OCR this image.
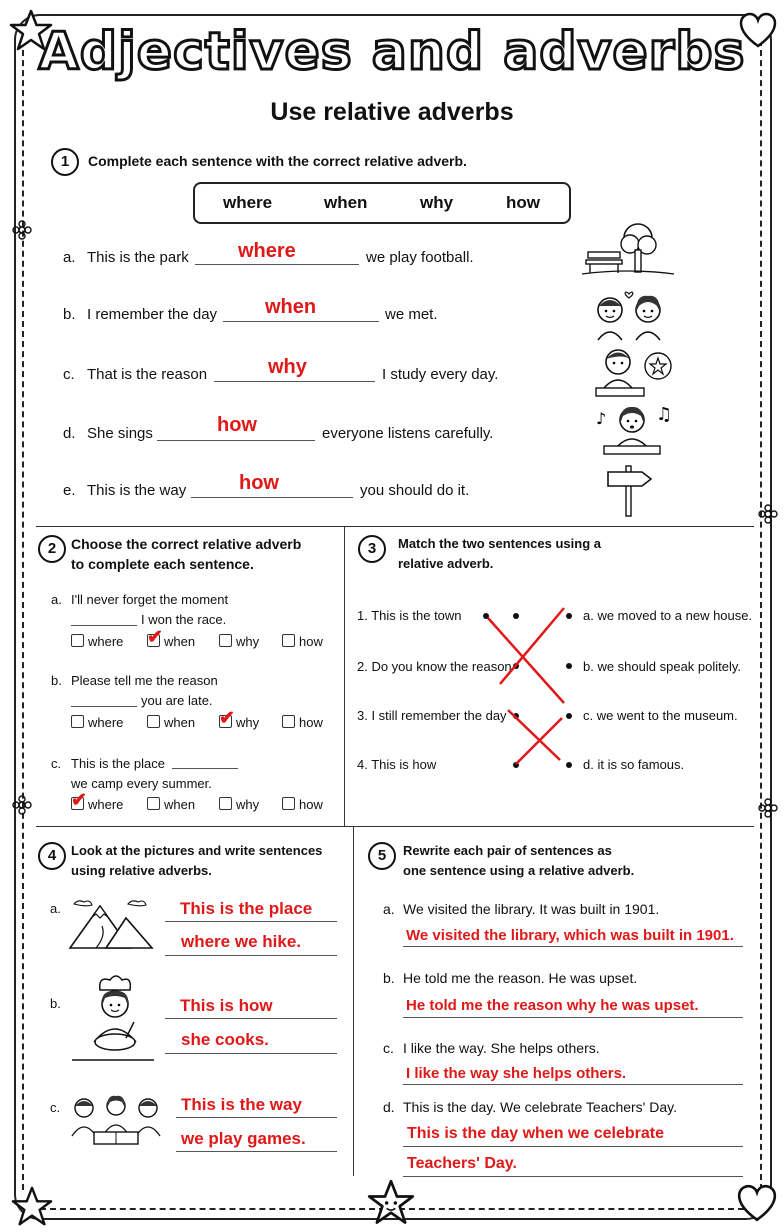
Adjectives and adverbs
Use relative adverbs
1	Complete each sentence with the correct relative adverb.
where	when	why	how
a. This is the park where	we play football.
b. I remember the day when	we met.
c. That is the reason	why	I study every day.
d. She sings	how	everyone listens carefully.
e. This is the way	how	you should do it.
♪	♫
2	Choose the correct relative adverb
to complete each sentence.
a. I'll never forget the moment
I won the race.
where ✔ when	why	how
b. Please tell me the reason
you are late.
where	when ✔ why	how
c. This is the place
we camp every summer.
✔ where	when	why	how
3	Match the two sentences using a
relative adverb.
1. This is the town
2. Do you know the reason
3. I still remember the day
4. This is how
a. we moved to a new house.
b. we should speak politely.
c. we went to the museum.
d. it is so famous.
4	Look at the pictures and write sentences
using relative adverbs.
a.	This is the place
where we hike.
b.	This is how
she cooks.
c.	This is the way
we play games.
5	Rewrite each pair of sentences as
one sentence using a relative adverb.
a. We visited the library. It was built in 1901.
We visited the library, which was built in 1901.
b. He told me the reason. He was upset.
He told me the reason why he was upset.
c. I like the way. She helps others.
I like the way she helps others.
d. This is the day. We celebrate Teachers' Day.
This is the day when we celebrate
Teachers' Day.
